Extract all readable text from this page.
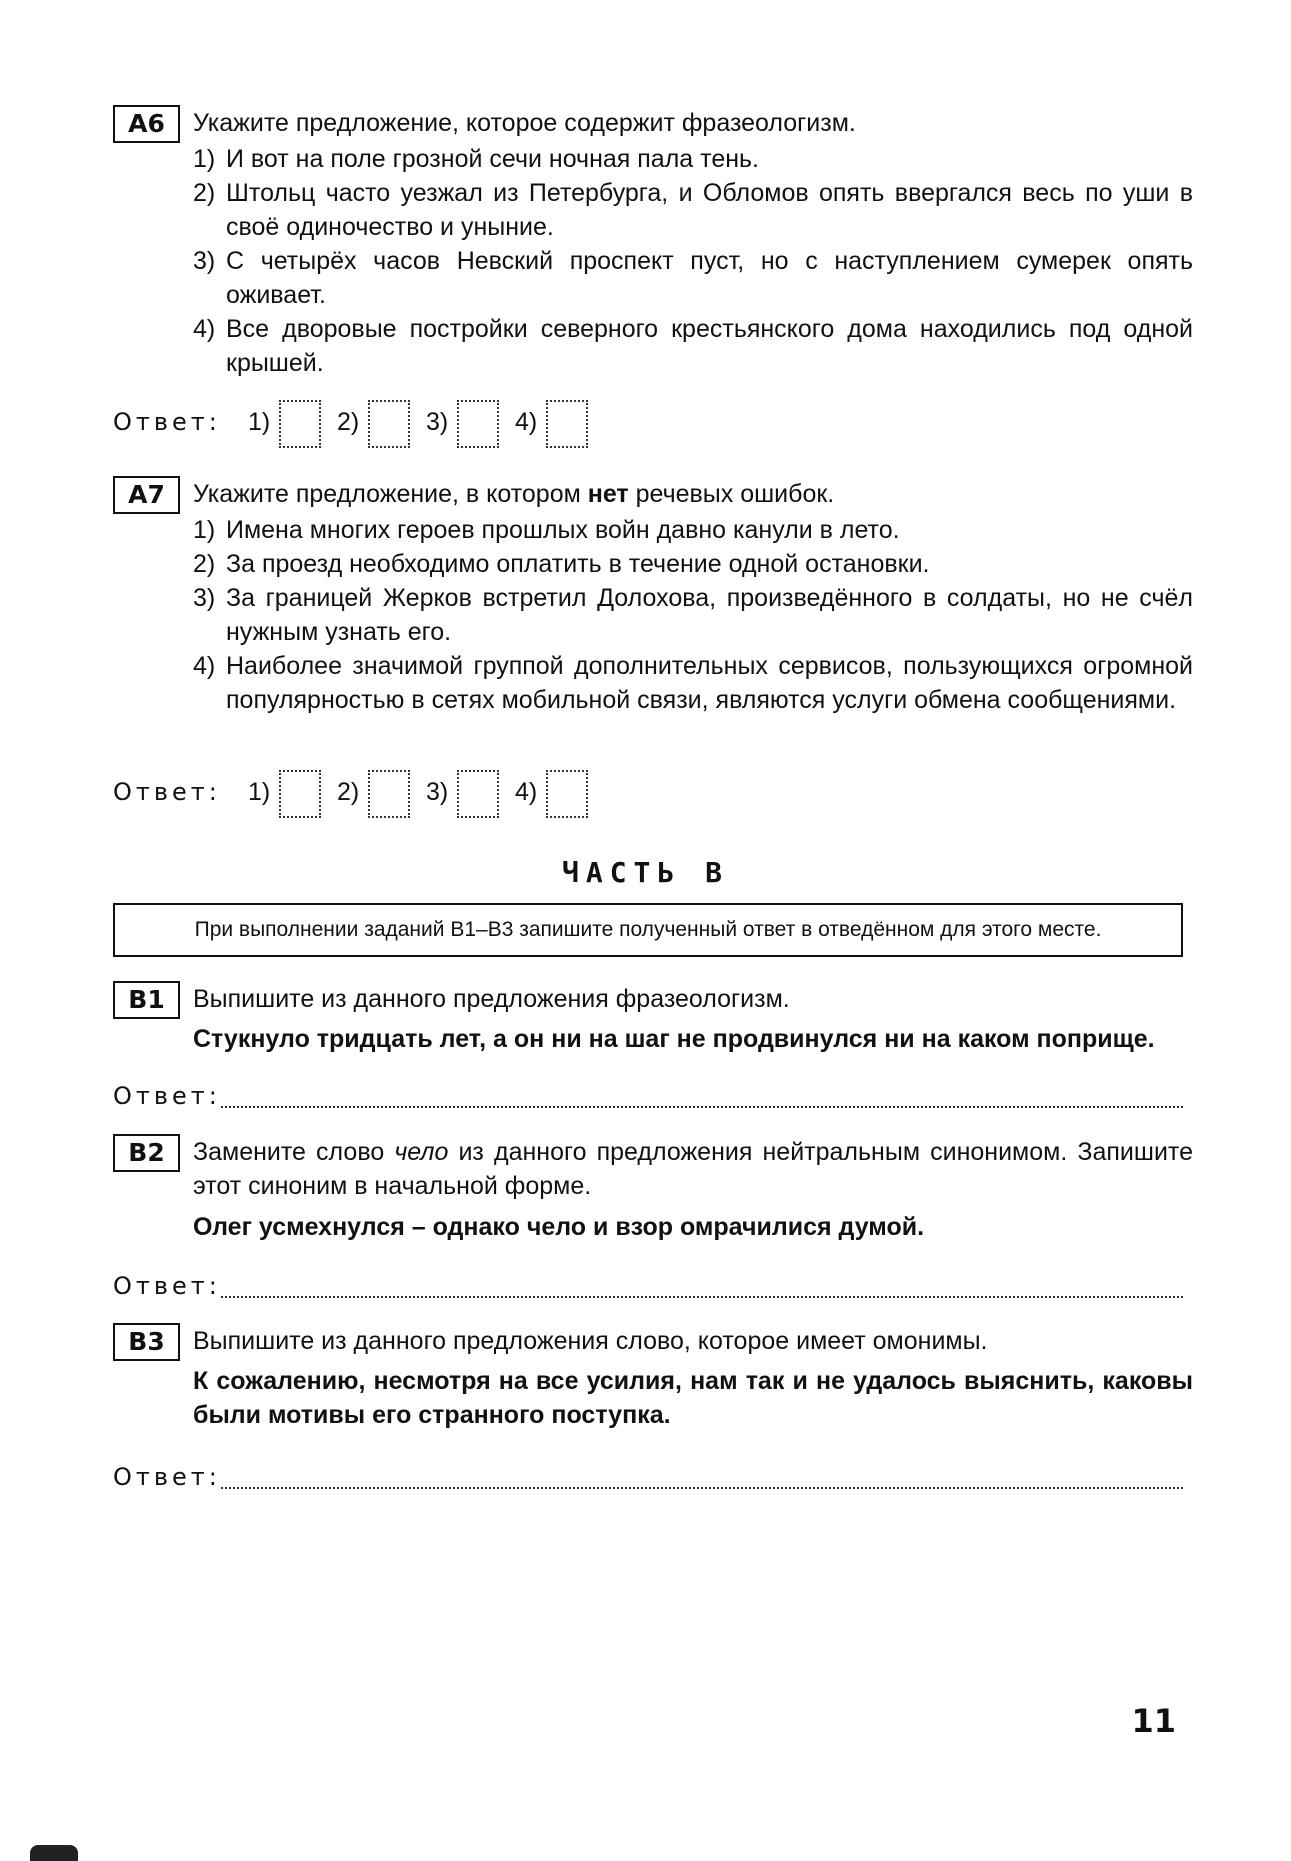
А6	Укажите предложение, которое содержит фразеологизм.
1) И вот на поле грозной сечи ночная пала тень.
2) Штольц часто уезжал из Петербурга, и Обломов опять ввергался весь по уши в своё одиночество и уныние.
3) С четырёх часов Невский проспект пуст, но с наступлением сумерек опять оживает.
4) Все дворовые постройки северного крестьянского дома находились под одной крышей.
Ответ: 1)	2)	3)	4)
А7	Укажите предложение, в котором нет речевых ошибок.
1) Имена многих героев прошлых войн давно канули в лето.
2) За проезд необходимо оплатить в течение одной остановки.
3) За границей Жерков встретил Долохова, произведённого в солдаты, но не счёл нужным узнать его.
4) Наиболее значимой группой дополнительных сервисов, пользующихся огромной популярностью в сетях мобильной связи, являются услуги обмена сообщениями.
Ответ: 1)	2)	3)	4)
ЧАСТЬ В
При выполнении заданий В1–В3 запишите полученный ответ в отведённом для этого месте.
В1	Выпишите из данного предложения фразеологизм.
Стукнуло тридцать лет, а он ни на шаг не продвинулся ни на каком поприще.
Ответ:
В2	Замените слово чело из данного предложения нейтральным синонимом. Запишите этот синоним в начальной форме.
Олег усмехнулся – однако чело и взор омрачилися думой.
Ответ:
В3	Выпишите из данного предложения слово, которое имеет омонимы.
К сожалению, несмотря на все усилия, нам так и не удалось выяснить, каковы были мотивы его странного поступка.
Ответ:
11
